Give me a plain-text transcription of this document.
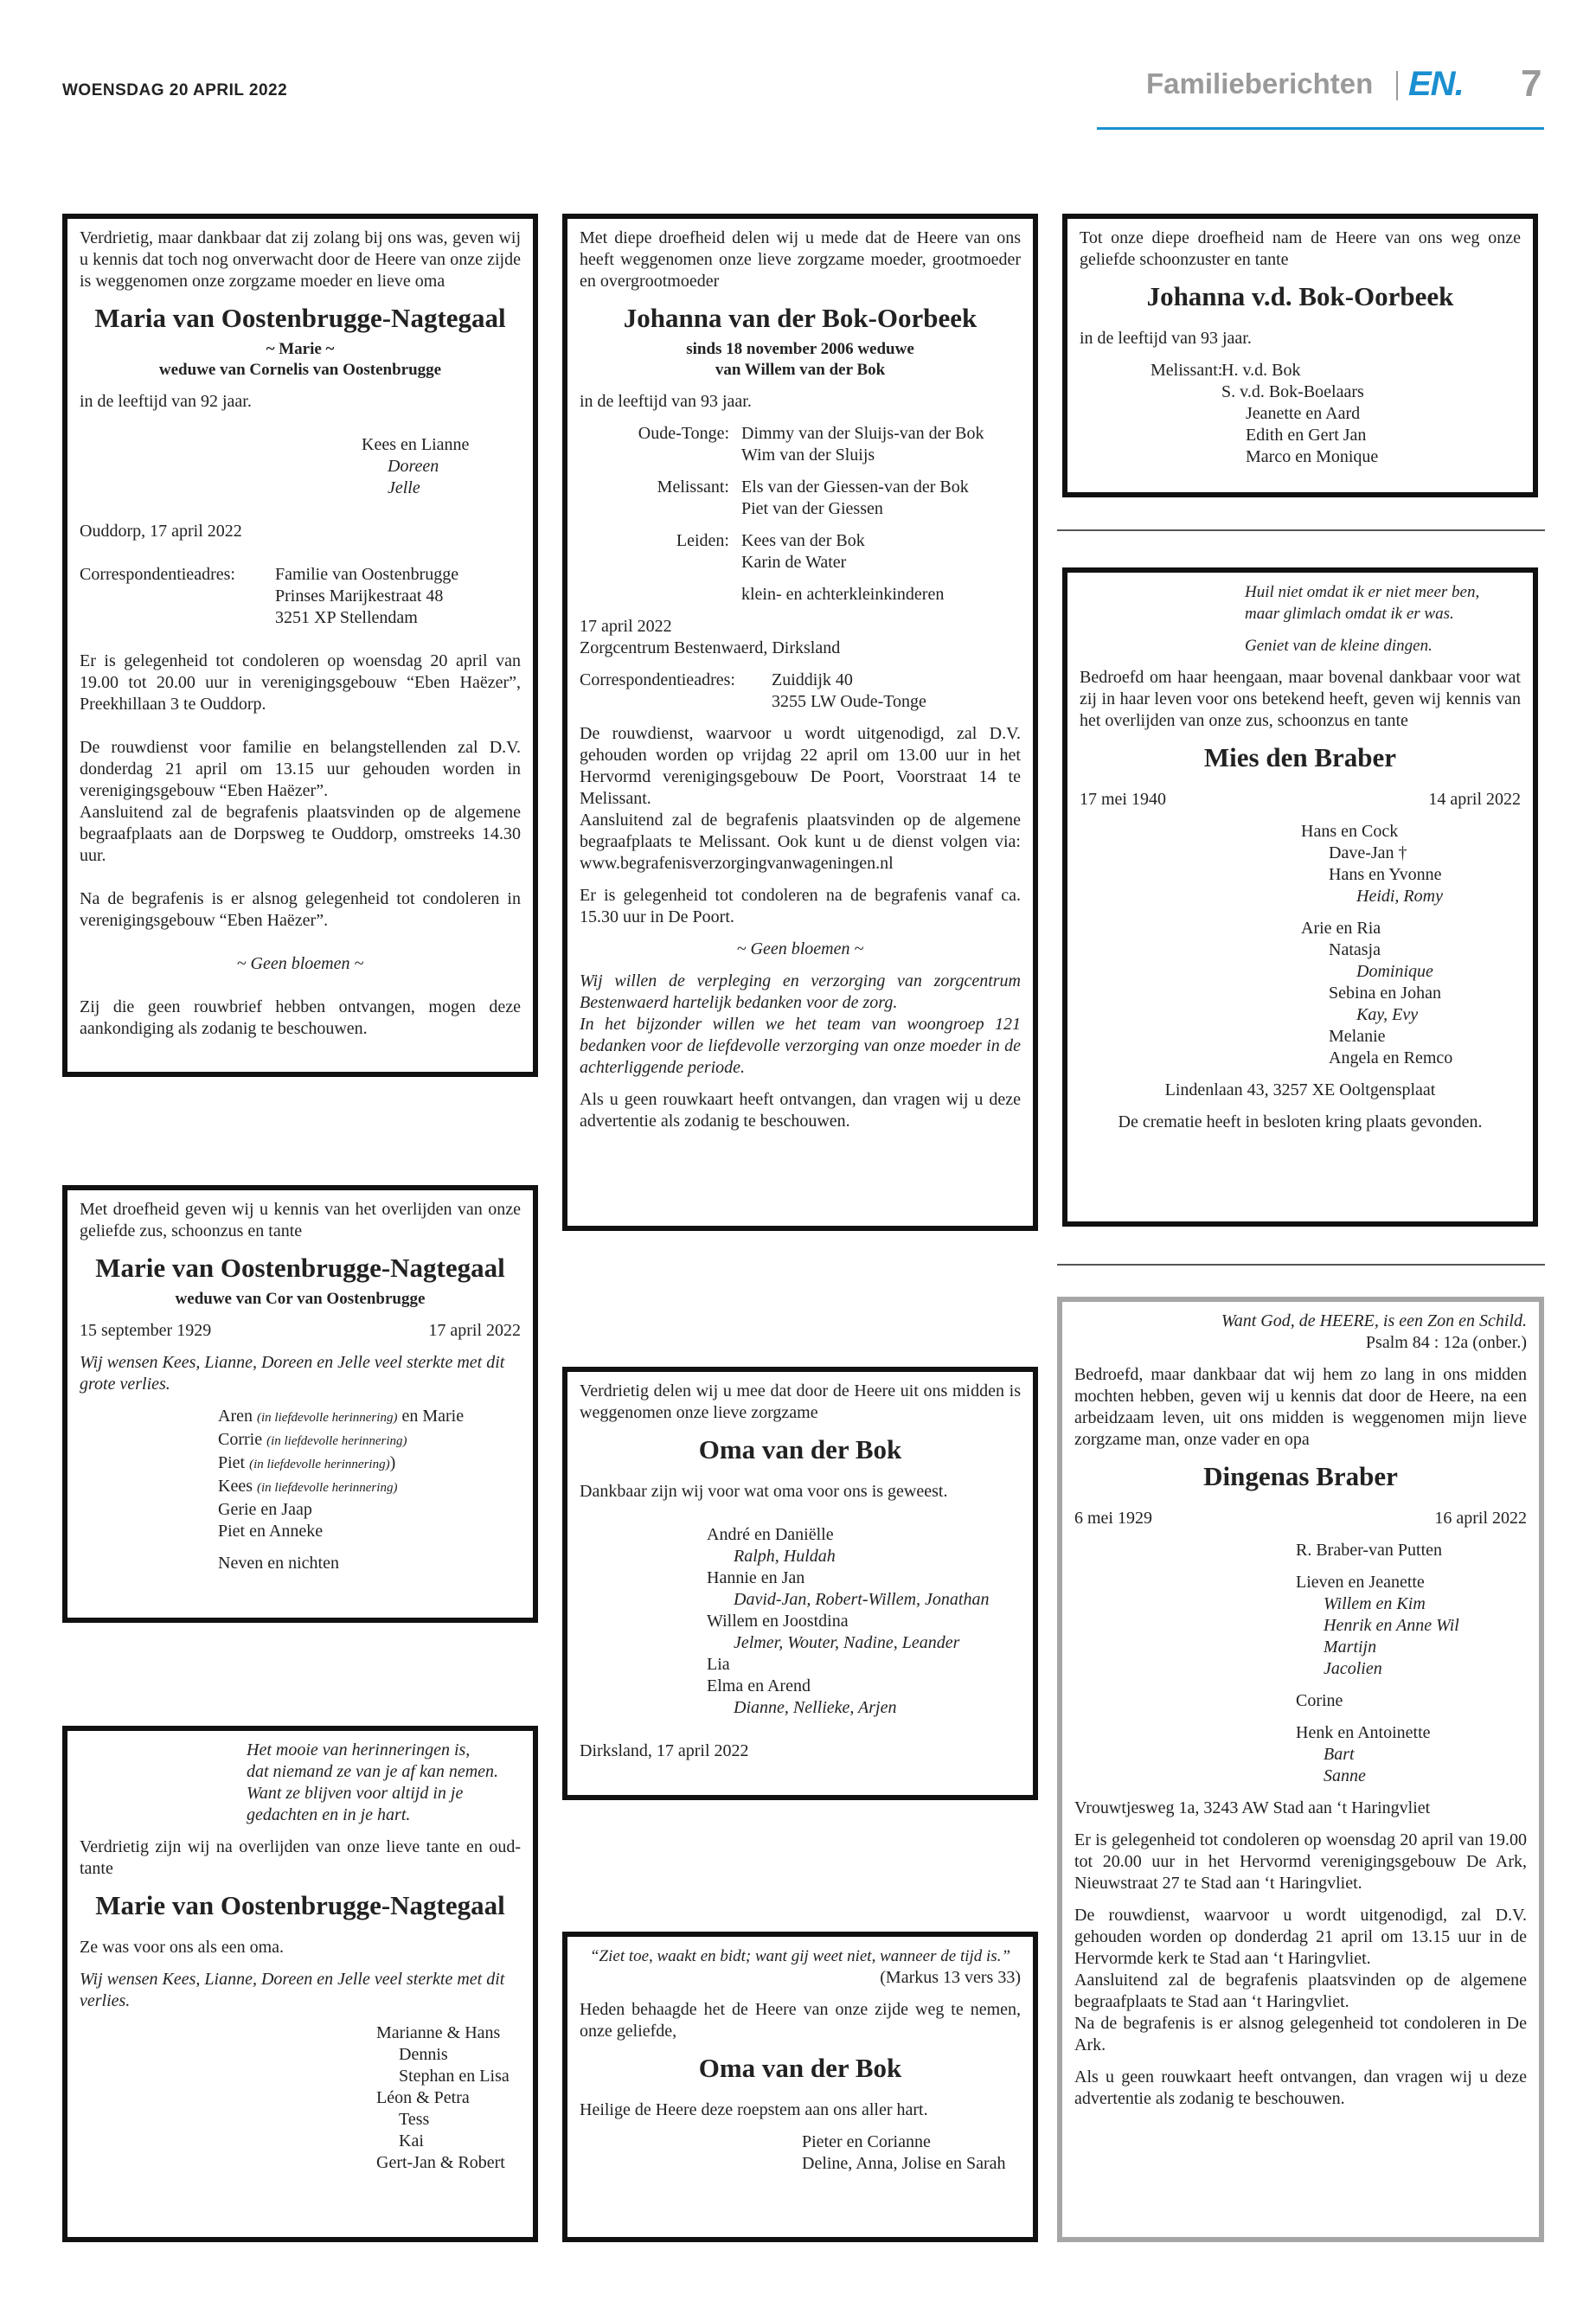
WOENSDAG 20 APRIL 2022	Familieberichten EN. 7

Verdrietig, maar dankbaar dat zij zolang bij ons was, geven wij u kennis dat toch nog onverwacht door de Heere van onze zijde is weggenomen onze zorgzame moeder en lieve oma

Maria van Oostenbrugge-Nagtegaal
~ Marie ~
weduwe van Cornelis van Oostenbrugge

in de leeftijd van 92 jaar.

Kees en Lianne

Doreen

Jelle

Ouddorp, 17 april 2022

Correspondentieadres:	Familie van Oostenbrugge

Prinses Marijkestraat 48

3251 XP Stellendam

Er is gelegenheid tot condoleren op woensdag 20 april van 19.00 tot 20.00 uur in verenigingsgebouw “Eben Haëzer”, Preekhillaan 3 te Ouddorp.

De rouwdienst voor familie en belangstellenden zal D.V. donderdag 21 april om 13.15 uur gehouden worden in verenigingsgebouw “Eben Haëzer”.

Aansluitend zal de begrafenis plaatsvinden op de algemene begraafplaats aan de Dorpsweg te Ouddorp, omstreeks 14.30 uur.

Na de begrafenis is er alsnog gelegenheid tot condoleren in verenigingsgebouw “Eben Haëzer”.

~ Geen bloemen ~

Zij die geen rouwbrief hebben ontvangen, mogen deze aankondiging als zodanig te beschouwen.

Met droefheid geven wij u kennis van het overlijden van onze geliefde zus, schoonzus en tante

Marie van Oostenbrugge-Nagtegaal
weduwe van Cor van Oostenbrugge
15 september 1929	17 april 2022

Wij wensen Kees, Lianne, Doreen en Jelle veel sterkte met dit grote verlies.

Aren (in liefdevolle herinnering) en Marie

Corrie (in liefdevolle herinnering)

Piet (in liefdevolle herinnering))

Kees (in liefdevolle herinnering)

Gerie en Jaap

Piet en Anneke

Neven en nichten

Het mooie van herinneringen is,

dat niemand ze van je af kan nemen.

Want ze blijven voor altijd in je

gedachten en in je hart.

Verdrietig zijn wij na overlijden van onze lieve tante en oud-tante

Marie van Oostenbrugge-Nagtegaal

Ze was voor ons als een oma.

Wij wensen Kees, Lianne, Doreen en Jelle veel sterkte met dit verlies.

Marianne & Hans

Dennis

Stephan en Lisa

Léon & Petra

Tess

Kai

Gert-Jan & Robert

Met diepe droefheid delen wij u mede dat de Heere van ons heeft weggenomen onze lieve zorgzame moeder, grootmoeder en overgrootmoeder

Johanna van der Bok-Oorbeek
sinds 18 november 2006 weduwe
van Willem van der Bok

in de leeftijd van 93 jaar.

Oude-Tonge: Dimmy van der Sluijs-van der Bok

Wim van der Sluijs

Melissant: Els van der Giessen-van der Bok

Piet van der Giessen

Leiden: Kees van der Bok

Karin de Water

klein- en achterkleinkinderen

17 april 2022

Zorgcentrum Bestenwaerd, Dirksland

Correspondentieadres:	Zuiddijk 40

3255 LW Oude-Tonge

De rouwdienst, waarvoor u wordt uitgenodigd, zal D.V. gehouden worden op vrijdag 22 april om 13.00 uur in het Hervormd verenigingsgebouw De Poort, Voorstraat 14 te Melissant.

Aansluitend zal de begrafenis plaatsvinden op de algemene begraafplaats te Melissant. Ook kunt u de dienst volgen via: www.begrafenisverzorgingvanwageningen.nl

Er is gelegenheid tot condoleren na de begrafenis vanaf ca. 15.30 uur in De Poort.

~ Geen bloemen ~

Wij willen de verpleging en verzorging van zorgcentrum Bestenwaerd hartelijk bedanken voor de zorg.

In het bijzonder willen we het team van woongroep 121 bedanken voor de liefdevolle verzorging van onze moeder in de achterliggende periode.

Als u geen rouwkaart heeft ontvangen, dan vragen wij u deze advertentie als zodanig te beschouwen.

Verdrietig delen wij u mee dat door de Heere uit ons midden is weggenomen onze lieve zorgzame

Oma van der Bok

Dankbaar zijn wij voor wat oma voor ons is geweest.

André en Daniëlle

Ralph, Huldah

Hannie en Jan

David-Jan, Robert-Willem, Jonathan

Willem en Joostdina

Jelmer, Wouter, Nadine, Leander

Lia

Elma en Arend

Dianne, Nellieke, Arjen

Dirksland, 17 april 2022

“Ziet toe, waakt en bidt; want gij weet niet, wanneer de tijd is.”

(Markus 13 vers 33)

Heden behaagde het de Heere van onze zijde weg te nemen, onze geliefde,

Oma van der Bok

Heilige de Heere deze roepstem aan ons aller hart.

Pieter en Corianne

Deline, Anna, Jolise en Sarah

Tot onze diepe droefheid nam de Heere van ons weg onze geliefde schoonzuster en tante

Johanna v.d. Bok-Oorbeek

in de leeftijd van 93 jaar.

Melissant:

H. v.d. Bok

S. v.d. Bok-Boelaars

Jeanette en Aard

Edith en Gert Jan

Marco en Monique

Huil niet omdat ik er niet meer ben,

maar glimlach omdat ik er was.

Geniet van de kleine dingen.

Bedroefd om haar heengaan, maar bovenal dankbaar voor wat zij in haar leven voor ons betekend heeft, geven wij kennis van het overlijden van onze zus, schoonzus en tante

Mies den Braber
17 mei 1940	14 april 2022

Hans en Cock

Dave-Jan †

Hans en Yvonne

Heidi, Romy

Arie en Ria

Natasja

Dominique

Sebina en Johan

Kay, Evy

Melanie

Angela en Remco

Lindenlaan 43, 3257 XE Ooltgensplaat

De crematie heeft in besloten kring plaats gevonden.

Want God, de HEERE, is een Zon en Schild.

Psalm 84 : 12a (onber.)

Bedroefd, maar dankbaar dat wij hem zo lang in ons midden mochten hebben, geven wij u kennis dat door de Heere, na een arbeidzaam leven, uit ons midden is weggenomen mijn lieve zorgzame man, onze vader en opa

Dingenas Braber
6 mei 1929	16 april 2022

R. Braber-van Putten

Lieven en Jeanette

Willem en Kim

Henrik en Anne Wil

Martijn

Jacolien

Corine

Henk en Antoinette

Bart

Sanne

Vrouwtjesweg 1a, 3243 AW Stad aan ‘t Haringvliet

Er is gelegenheid tot condoleren op woensdag 20 april van 19.00 tot 20.00 uur in het Hervormd verenigingsgebouw De Ark, Nieuwstraat 27 te Stad aan ‘t Haringvliet.

De rouwdienst, waarvoor u wordt uitgenodigd, zal D.V. gehouden worden op donderdag 21 april om 13.15 uur in de Hervormde kerk te Stad aan ‘t Haringvliet.

Aansluitend zal de begrafenis plaatsvinden op de algemene begraafplaats te Stad aan ‘t Haringvliet.

Na de begrafenis is er alsnog gelegenheid tot condoleren in De Ark.

Als u geen rouwkaart heeft ontvangen, dan vragen wij u deze advertentie als zodanig te beschouwen.
